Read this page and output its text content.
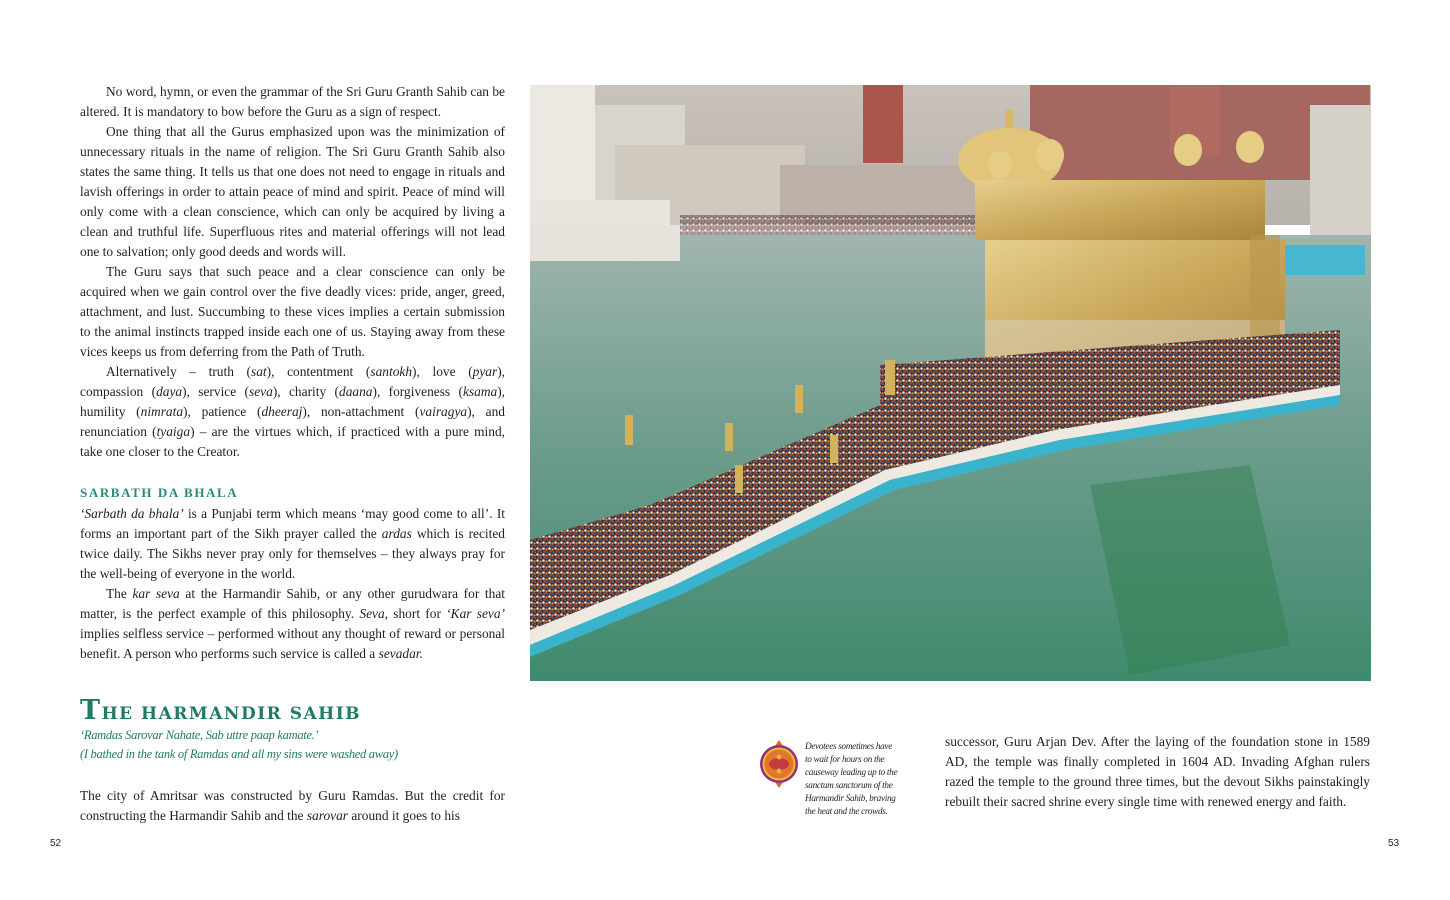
No word, hymn, or even the grammar of the Sri Guru Granth Sahib can be altered. It is mandatory to bow before the Guru as a sign of respect.

One thing that all the Gurus emphasized upon was the minimization of unnecessary rituals in the name of religion. The Sri Guru Granth Sahib also states the same thing. It tells us that one does not need to engage in rituals and lavish offerings in order to attain peace of mind and spirit. Peace of mind will only come with a clean conscience, which can only be acquired by living a clean and truthful life. Superfluous rites and material offerings will not lead one to salvation; only good deeds and words will.

The Guru says that such peace and a clear conscience can only be acquired when we gain control over the five deadly vices: pride, anger, greed, attachment, and lust. Succumbing to these vices implies a certain submission to the animal instincts trapped inside each one of us. Staying away from these vices keeps us from deferring from the Path of Truth.

Alternatively – truth (sat), contentment (santokh), love (pyar), compassion (daya), service (seva), charity (daana), forgiveness (ksama), humility (nimrata), patience (dheeraj), non-attachment (vairagya), and renunciation (tyaiga) – are the virtues which, if practiced with a pure mind, take one closer to the Creator.

SARBATH DA BHALA

‘Sarbath da bhala’ is a Punjabi term which means ‘may good come to all’. It forms an important part of the Sikh prayer called the ardas which is recited twice daily. The Sikhs never pray only for themselves – they always pray for the well-being of everyone in the world.

The kar seva at the Harmandir Sahib, or any other gurudwara for that matter, is the perfect example of this philosophy. Seva, short for ‘Kar seva’ implies selfless service – performed without any thought of reward or personal benefit. A person who performs such service is called a sevadar.

THE HARMANDIR SAHIB
‘Ramdas Sarovar Nahate, Sab uttre paap kamate.’
(I bathed in the tank of Ramdas and all my sins were washed away)

The city of Amritsar was constructed by Guru Ramdas. But the credit for constructing the Harmandir Sahib and the sarovar around it goes to his

52
Devotees sometimes have
to wait for hours on the
causeway leading up to the
sanctum sanctorum of the
Harmandir Sahib, braving
the heat and the crowds.

successor, Guru Arjan Dev. After the laying of the foundation stone in 1589 AD, the temple was finally completed in 1604 AD. Invading Afghan rulers razed the temple to the ground three times, but the devout Sikhs painstakingly rebuilt their sacred shrine every single time with renewed energy and faith.

53
